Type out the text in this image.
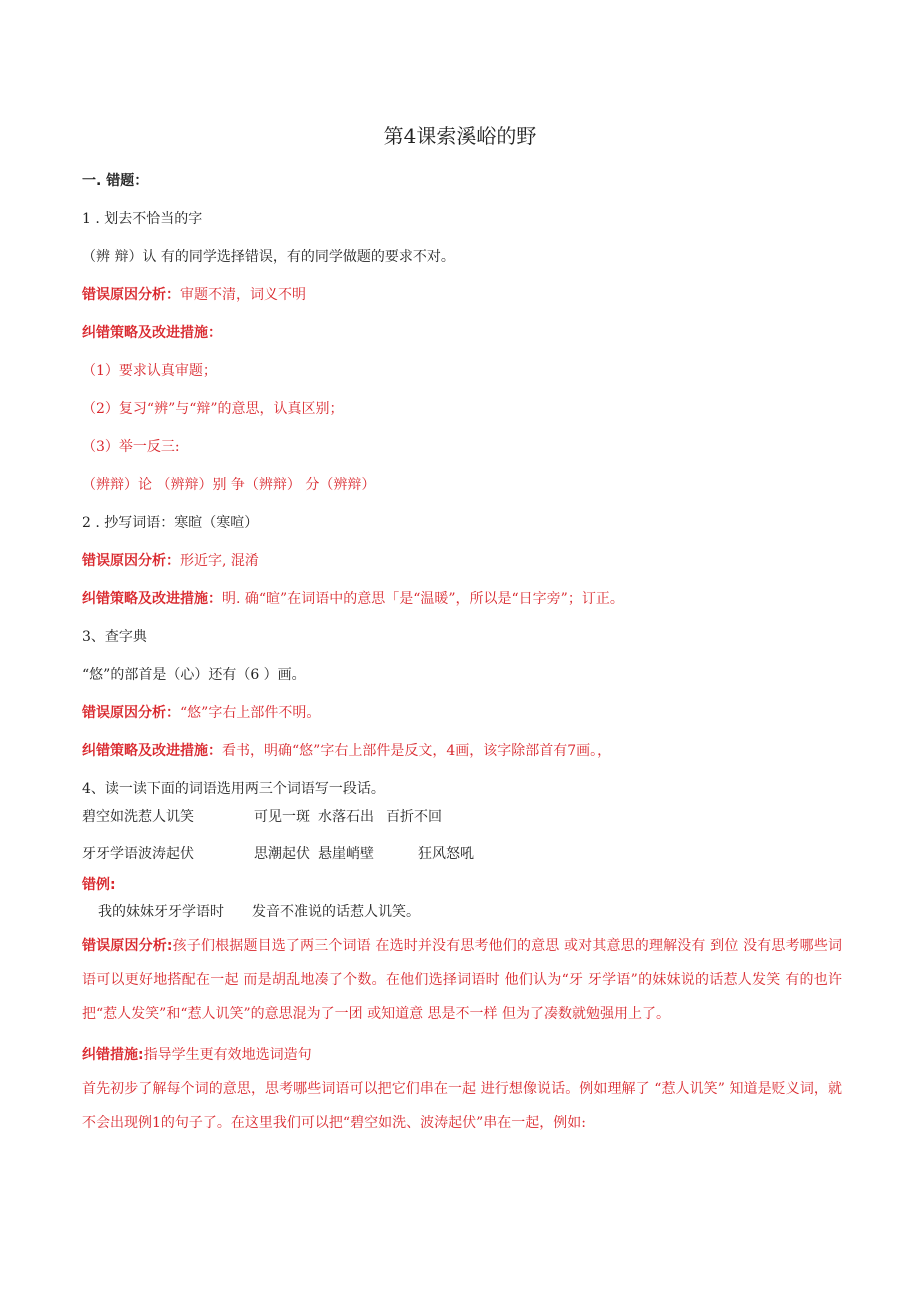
第4课索溪峪的野
一. 错题：
1 . 划去不恰当的字
（辨 辩）认 有的同学选择错误，有的同学做题的要求不对。
错误原因分析：审题不清，词义不明
纠错策略及改进措施：
（1）要求认真审题；
（2）复习“辨”与“辩”的意思，认真区别；
（3）举一反三:
（辨辩）论 （辨辩）别 争（辨辩） 分（辨辩）
2 . 抄写词语：寒暄（寒喧）
错误原因分析：形近字, 混淆
纠错策略及改进措施：明. 确“暄”在词语中的意思「是“温暖”，所以是“日字旁”；订正。
3、查字典
“悠”的部首是（心）还有（6 ）画。
错误原因分析：“悠”字右上部件不明。
纠错策略及改进措施：看书，明确“悠”字右上部件是反文，4画，该字除部首有7画。，
4、读一读下面的词语选用两三个词语写一段话。
碧空如洗惹人讥笑	可见一斑 水落石出 百折不回
牙牙学语波涛起伏	思潮起伏 悬崖峭壁	狂风怒吼
错例:
我的妹妹牙牙学语时　　发音不准说的话惹人讥笑。
错误原因分析:孩子们根据题目选了两三个词语 在选时并没有思考他们的意思 或对其意思的理解没有 到位 没有思考哪些词语可以更好地搭配在一起 而是胡乱地凑了个数。在他们选择词语时 他们认为“牙 牙学语”的妹妹说的话惹人发笑 有的也许把“惹人发笑”和“惹人讥笑”的意思混为了一团 或知道意 思是不一样 但为了凑数就勉强用上了。
纠错措施:指导学生更有效地选词造句
首先初步了解每个词的意思，思考哪些词语可以把它们串在一起 进行想像说话。例如理解了 “惹人讥笑” 知道是贬义词，就不会出现例1的句子了。在这里我们可以把“碧空如洗、波涛起伏”串在一起，例如:
